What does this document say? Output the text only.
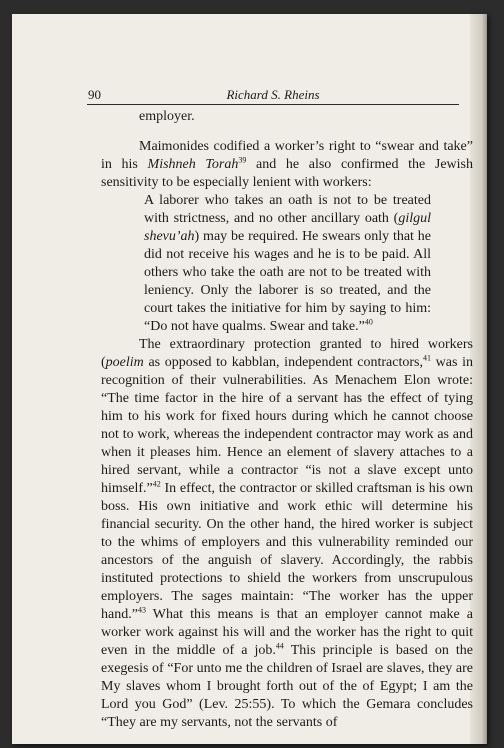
90	Richard S. Rheins

employer.

Maimonides codified a worker’s right to “swear and take” in his Mishneh Torah$^{39}$ and he also confirmed the Jewish sensitivity to be especially lenient with workers:

A laborer who takes an oath is not to be treated with strictness, and no other ancillary oath (gilgul shevu’ah) may be required. He swears only that he did not receive his wages and he is to be paid. All others who take the oath are not to be treated with leniency. Only the laborer is so treated, and the court takes the initiative for him by saying to him: “Do not have qualms. Swear and take.”$^{40}$

The extraordinary protection granted to hired workers (poelim as opposed to kabblan, independent contractors,$^{41}$ was in recognition of their vulnerabilities. As Menachem Elon wrote: “The time factor in the hire of a servant has the effect of tying him to his work for fixed hours during which he cannot choose not to work, whereas the independent contractor may work as and when it pleases him. Hence an element of slavery attaches to a hired servant, while a contractor “is not a slave except unto himself.”$^{42}$ In effect, the contractor or skilled craftsman is his own boss. His own initiative and work ethic will determine his financial security. On the other hand, the hired worker is subject to the whims of employers and this vulnerability reminded our ancestors of the anguish of slavery. Accordingly, the rabbis instituted protections to shield the workers from unscrupulous employers. The sages maintain: “The worker has the upper hand.”$^{43}$ What this means is that an employer cannot make a worker work against his will and the worker has the right to quit even in the middle of a job.$^{44}$ This principle is based on the exegesis of “For unto me the children of Israel are slaves, they are My slaves whom I brought forth out of the of Egypt; I am the Lord you God” (Lev. 25:55). To which the Gemara concludes “They are my servants, not the servants of
